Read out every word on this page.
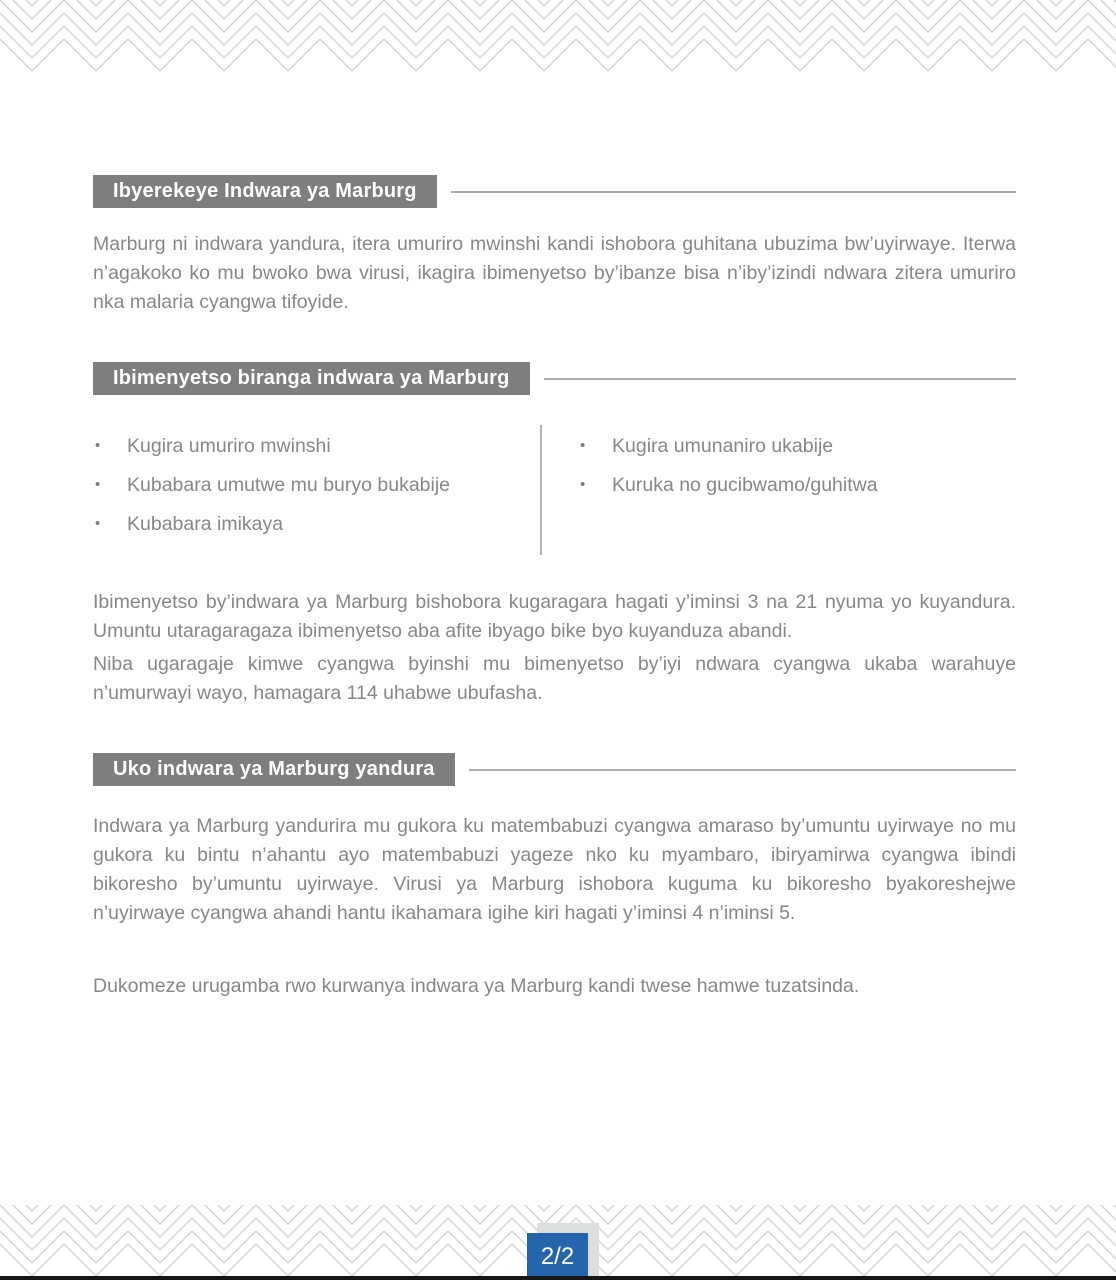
Ibyerekeye Indwara ya Marburg

Marburg ni indwara yandura, itera umuriro mwinshi kandi ishobora guhitana ubuzima bw’uyirwaye. Iterwa n’agakoko ko mu bwoko bwa virusi, ikagira ibimenyetso by’ibanze bisa n’iby’izindi ndwara zitera umuriro nka malaria cyangwa tifoyide.

Ibimenyetso biranga indwara ya Marburg
• Kugira umuriro mwinshi
• Kubabara umutwe mu buryo bukabije
• Kubabara imikaya
• Kugira umunaniro ukabije
• Kuruka no gucibwamo/guhitwa

Ibimenyetso by’indwara ya Marburg bishobora kugaragara hagati y’iminsi 3 na 21 nyuma yo kuyandura. Umuntu utaragaragaza ibimenyetso aba afite ibyago bike byo kuyanduza abandi.

Niba ugaragaje kimwe cyangwa byinshi mu bimenyetso by’iyi ndwara cyangwa ukaba warahuye n’umurwayi wayo, hamagara 114 uhabwe ubufasha.

Uko indwara ya Marburg yandura

Indwara ya Marburg yandurira mu gukora ku matembabuzi cyangwa amaraso by’umuntu uyirwaye no mu gukora ku bintu n’ahantu ayo matembabuzi yageze nko ku myambaro, ibiryamirwa cyangwa ibindi bikoresho by’umuntu uyirwaye. Virusi ya Marburg ishobora kuguma ku bikoresho byakoreshejwe n’uyirwaye cyangwa ahandi hantu ikahamara igihe kiri hagati y’iminsi 4 n’iminsi 5.

Dukomeze urugamba rwo kurwanya indwara ya Marburg kandi twese hamwe tuzatsinda.

2/2
